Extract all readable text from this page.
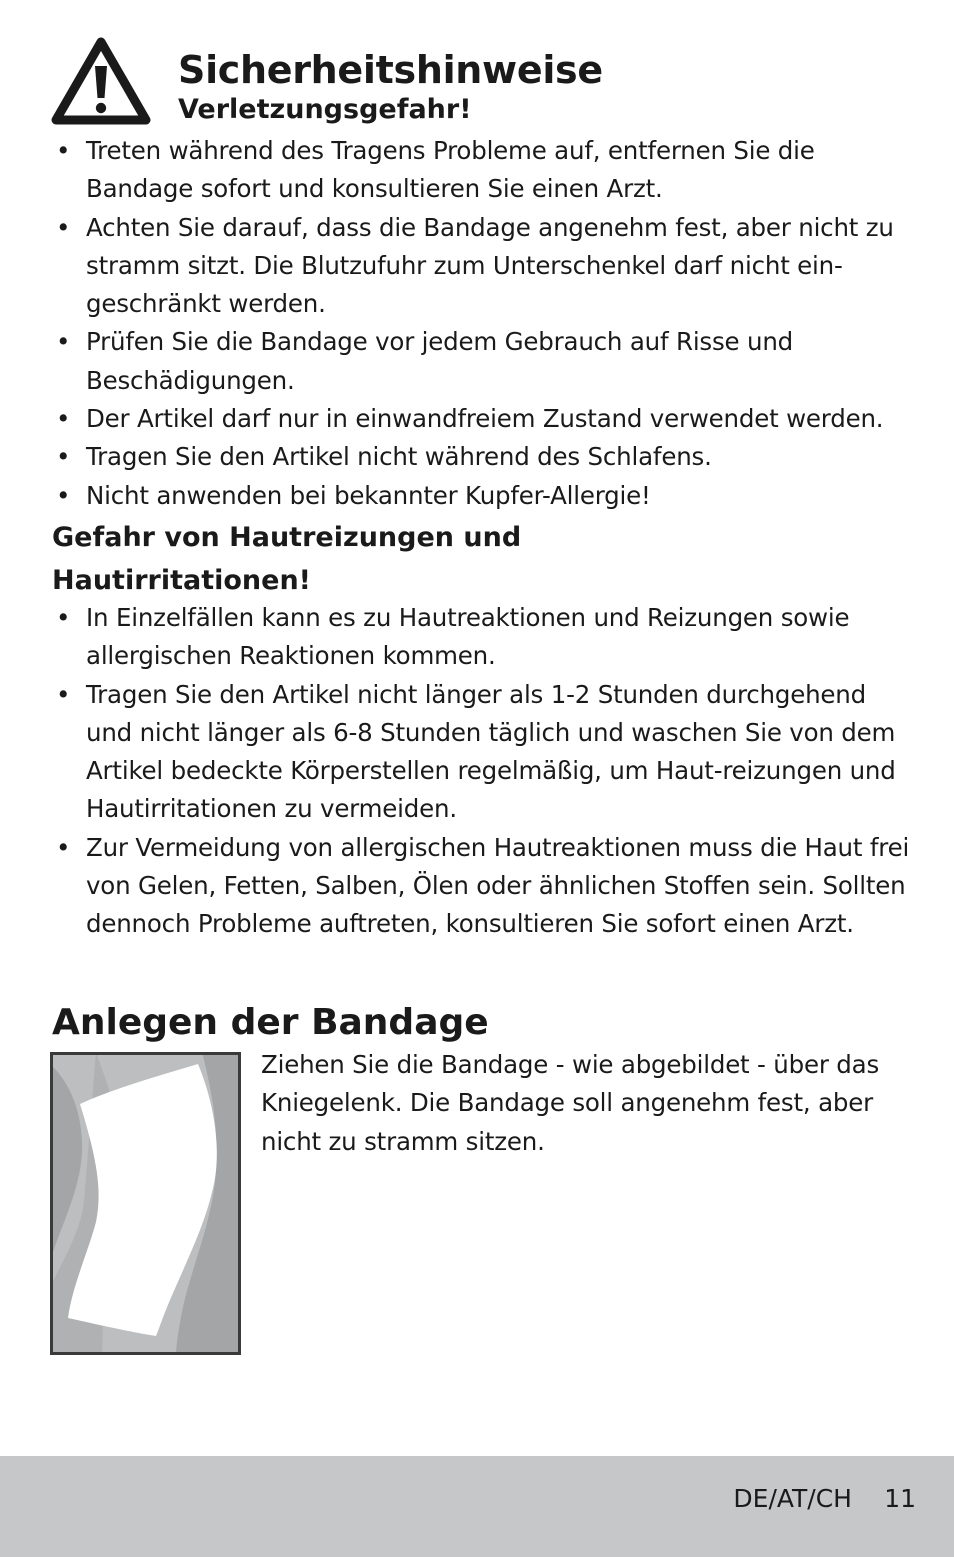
Sicherheitshinweise
Verletzungsgefahr!
• Treten während des Tragens Probleme auf, entfernen Sie die Bandage sofort und konsultieren Sie einen Arzt.
• Achten Sie darauf, dass die Bandage angenehm fest, aber nicht zu stramm sitzt. Die Blutzufuhr zum Unterschenkel darf nicht ein-geschränkt werden.
• Prüfen Sie die Bandage vor jedem Gebrauch auf Risse und Beschädigungen.
• Der Artikel darf nur in einwandfreiem Zustand verwendet werden.
• Tragen Sie den Artikel nicht während des Schlafens.
• Nicht anwenden bei bekannter Kupfer-Allergie!
Gefahr von Hautreizungen und Hautirritationen!
• In Einzelfällen kann es zu Hautreaktionen und Reizungen sowie allergischen Reaktionen kommen.
• Tragen Sie den Artikel nicht länger als 1-2 Stunden durchgehend und nicht länger als 6-8 Stunden täglich und waschen Sie von dem Artikel bedeckte Körperstellen regelmäßig, um Haut-reizungen und Hautirritationen zu vermeiden.
• Zur Vermeidung von allergischen Hautreaktionen muss die Haut frei von Gelen, Fetten, Salben, Ölen oder ähnlichen Stoffen sein. Sollten dennoch Probleme auftreten, konsultieren Sie sofort einen Arzt.
Anlegen der Bandage

Ziehen Sie die Bandage - wie abgebildet - über das Kniegelenk. Die Bandage soll angenehm fest, aber nicht zu stramm sitzen.

DE/AT/CH 11
